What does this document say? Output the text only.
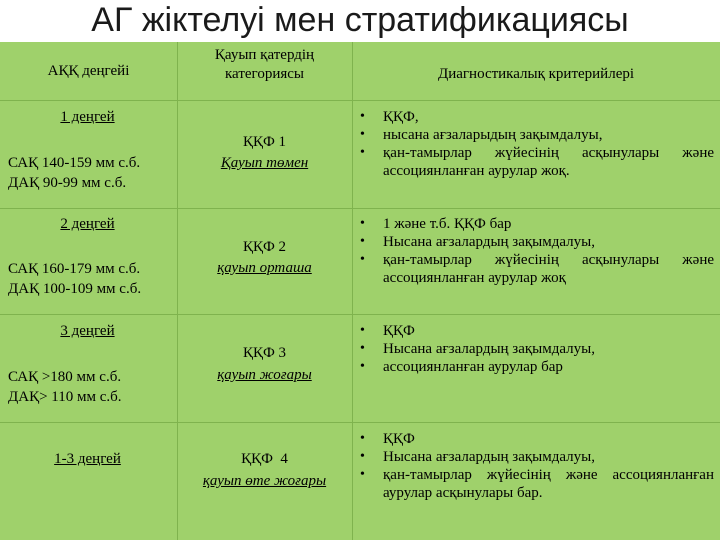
АГ жіктелуі мен стратификациясы
АҚҚ деңгейі
Қауып қатердің категориясы	Диагностикалық критерийлері
1 деңгей
САҚ 140-159 мм с.б.
ДАҚ 90-99 мм с.б.
ҚҚФ 1
Қауып төмен
• ҚҚФ,
• нысана ағзаларыдың зақымдалуы,
• қан-тамырлар жүйесінің асқынулары және ассоциянланған аурулар жоқ.
2 деңгей
САҚ 160-179 мм с.б.
ДАҚ 100-109 мм с.б.
ҚҚФ 2
қауып орташа
• 1 және т.б. ҚҚФ бар
• Нысана ағзалардың зақымдалуы,
• қан-тамырлар жүйесінің асқынулары және ассоциянланған аурулар жоқ
3 деңгей
САҚ >180 мм с.б.
ДАҚ> 110 мм с.б.
ҚҚФ 3
қауып жоғары
• ҚҚФ
• Нысана ағзалардың зақымдалуы,
• ассоциянланған аурулар бар
1-3 деңгей	ҚҚФ  4
қауып өте жоғары
• ҚҚФ
• Нысана ағзалардың зақымдалуы,
• қан-тамырлар жүйесінің және ассоциянланған аурулар асқынулары бар.
